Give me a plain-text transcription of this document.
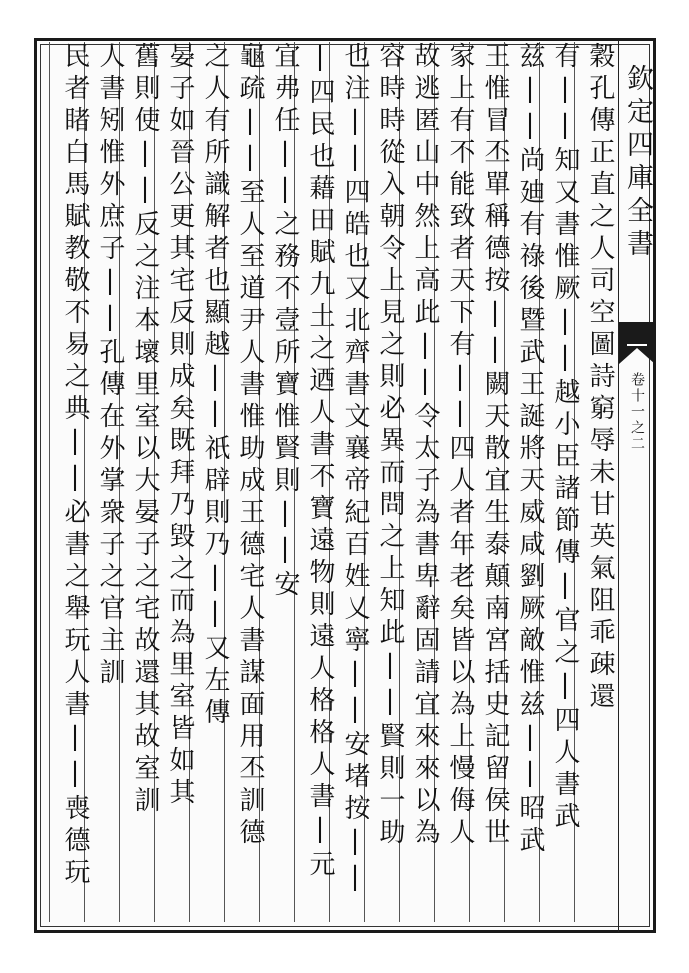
欽定四庫全書
卷十一之二
穀孔傳正直之人司空圖詩窮辱未甘英氣阻乖疎還
有||知又書惟厥||越小臣諸節傳|官之|四人書武
兹||尚廸有祿後暨武王誕將天威咸劉厥敵惟兹||昭武
王惟冒丕單稱德按||闕天散宜生泰顛南宮括史記留侯世
家上有不能致者天下有||四人者年老矣皆以為上慢侮人
故逃匿山中然上高此||令太子為書卑辭固請宜來來以為
容時時從入朝令上見之則必異而問之上知此||賢則一助
也注||四皓也又北齊書文襄帝紀百姓乂寧||安堵按||
|四民也藉田賦九土之迺人書不寶遠物則遠人格格人書|元
宜弗任||之務不壹所寶惟賢則||安
龜疏||至人至道尹人書惟助成王德宅人書謀面用丕訓德
之人有所識解者也顯越||祇辟則乃||又左傳
晏子如晉公更其宅反則成矣既拜乃毀之而為里室皆如其
舊則使||反之注本壞里室以大晏子之宅故還其故室訓
人書矧惟外庶子||孔傳在外掌衆子之官主訓
民者睹白馬賦教敬不易之典||必書之舉玩人書||喪德玩
